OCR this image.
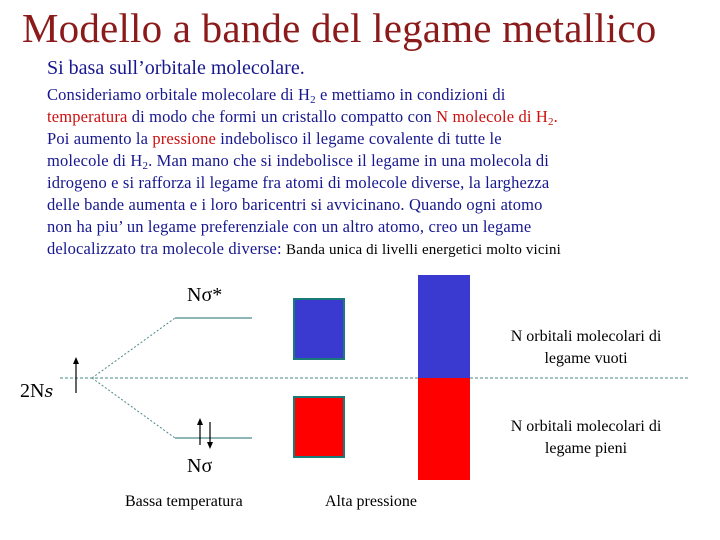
Modello a bande del legame metallico
Si basa sull’orbitale molecolare.
Consideriamo orbitale molecolare di $H_2$ e mettiamo in condizioni di
temperatura di modo che formi un cristallo compatto con N molecole di $H_2$.
Poi aumento la pressione indebolisco il legame covalente di tutte le
molecole di $H_2$. Man mano che si indebolisce il legame in una molecola di
idrogeno e si rafforza il legame fra atomi di molecole diverse, la larghezza
delle bande aumenta e i loro baricentri si avvicinano. Quando ogni atomo
non ha piu’ un legame preferenziale con un altro atomo, creo un legame
delocalizzato tra molecole diverse: Banda unica di livelli energetici molto vicini
Nσ*
Nσ
2Ns
N orbitali molecolari di legame vuoti
N orbitali molecolari di legame pieni
Bassa temperatura	Alta pressione
